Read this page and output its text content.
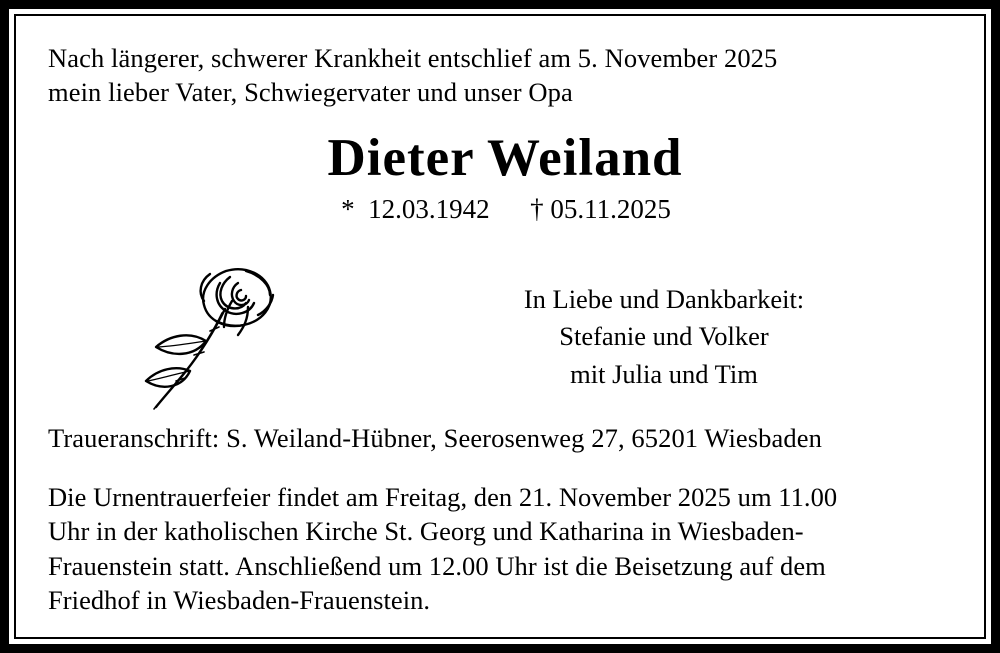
Nach längerer, schwerer Krankheit entschlief am 5. November 2025
mein lieber Vater, Schwiegervater und unser Opa
Dieter Weiland
*  12.03.1942      † 05.11.2025
In Liebe und Dankbarkeit:
Stefanie und Volker
mit Julia und Tim
Traueranschrift: S. Weiland-Hübner, Seerosenweg 27, 65201 Wiesbaden
Die Urnentrauerfeier findet am Freitag, den 21. November 2025 um 11.00
Uhr in der katholischen Kirche St. Georg und Katharina in Wiesbaden-
Frauenstein statt. Anschließend um 12.00 Uhr ist die Beisetzung auf dem
Friedhof in Wiesbaden-Frauenstein.
